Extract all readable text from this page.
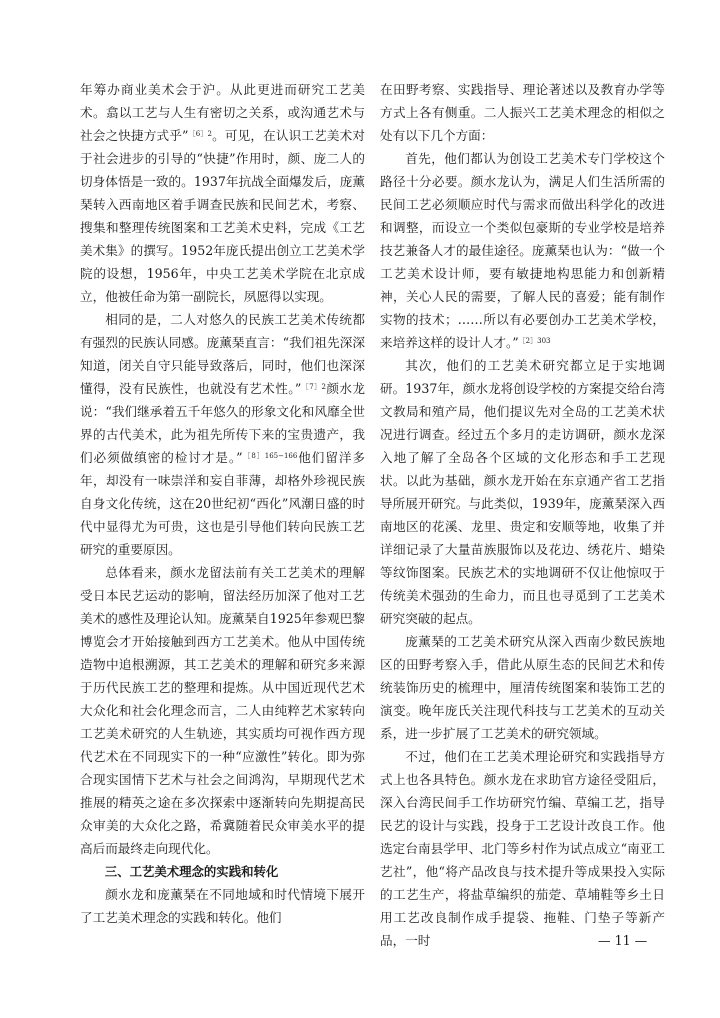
年筹办商业美术会于沪。从此更进而研究工艺美术。翕以工艺与人生有密切之关系，或沟通艺术与社会之快捷方式乎”$^{[6]2}$。可见，在认识工艺美术对于社会进步的引导的“快捷”作用时，颜、庞二人的切身体悟是一致的。1937年抗战全面爆发后，庞薰琹转入西南地区着手调查民族和民间艺术，考察、搜集和整理传统图案和工艺美术史料，完成《工艺美术集》的撰写。1952年庞氏提出创立工艺美术学院的设想，1956年，中央工艺美术学院在北京成立，他被任命为第一副院长，夙愿得以实现。

相同的是，二人对悠久的民族工艺美术传统都有强烈的民族认同感。庞薰琹直言：“我们祖先深深知道，闭关自守只能导致落后，同时，他们也深深懂得，没有民族性，也就没有艺术性。”$^{[7]2}$颜水龙说：“我们继承着五千年悠久的形象文化和风靡全世界的古代美术，此为祖先所传下来的宝贵遗产，我们必须做缜密的检讨才是。”$^{[8]165-166}$他们留洋多年，却没有一味崇洋和妄自菲薄，却格外珍视民族自身文化传统，这在20世纪初“西化”风潮日盛的时代中显得尤为可贵，这也是引导他们转向民族工艺研究的重要原因。

总体看来，颜水龙留法前有关工艺美术的理解受日本民艺运动的影响，留法经历加深了他对工艺美术的感性及理论认知。庞薰琹自1925年参观巴黎博览会才开始接触到西方工艺美术。他从中国传统造物中追根溯源，其工艺美术的理解和研究多来源于历代民族工艺的整理和提炼。从中国近现代艺术大众化和社会化理念而言，二人由纯粹艺术家转向工艺美术研究的人生轨迹，其实质均可视作西方现代艺术在不同现实下的一种“应激性”转化。即为弥合现实国情下艺术与社会之间鸿沟，早期现代艺术推展的精英之途在多次探索中逐渐转向先期提高民众审美的大众化之路，希冀随着民众审美水平的提高后而最终走向现代化。

三、工艺美术理念的实践和转化

颜水龙和庞薰琹在不同地域和时代情境下展开了工艺美术理念的实践和转化。他们

在田野考察、实践指导、理论著述以及教育办学等方式上各有侧重。二人振兴工艺美术理念的相似之处有以下几个方面：

首先，他们都认为创设工艺美术专门学校这个路径十分必要。颜水龙认为，满足人们生活所需的民间工艺必须顺应时代与需求而做出科学化的改进和调整，而设立一个类似包豪斯的专业学校是培养技艺兼备人才的最佳途径。庞薰琹也认为：“做一个工艺美术设计师，要有敏捷地构思能力和创新精神，关心人民的需要，了解人民的喜爱；能有制作实物的技术；……所以有必要创办工艺美术学校，来培养这样的设计人才。”$^{[2]303}$

其次，他们的工艺美术研究都立足于实地调研。1937年，颜水龙将创设学校的方案提交给台湾文教局和殖产局，他们提议先对全岛的工艺美术状况进行调查。经过五个多月的走访调研，颜水龙深入地了解了全岛各个区域的文化形态和手工艺现状。以此为基础，颜水龙开始在东京通产省工艺指导所展开研究。与此类似，1939年，庞薰琹深入西南地区的花溪、龙里、贵定和安顺等地，收集了并详细记录了大量苗族服饰以及花边、绣花片、蜡染等纹饰图案。民族艺术的实地调研不仅让他惊叹于传统美术强劲的生命力，而且也寻觅到了工艺美术研究突破的起点。

庞薰琹的工艺美术研究从深入西南少数民族地区的田野考察入手，借此从原生态的民间艺术和传统装饰历史的梳理中，厘清传统图案和装饰工艺的演变。晚年庞氏关注现代科技与工艺美术的互动关系，进一步扩展了工艺美术的研究领域。

不过，他们在工艺美术理论研究和实践指导方式上也各具特色。颜水龙在求助官方途径受阻后，深入台湾民间手工作坊研究竹编、草编工艺，指导民艺的设计与实践，投身于工艺设计改良工作。他选定台南县学甲、北门等乡村作为试点成立“南亚工艺社”，他“将产品改良与技术提升等成果投入实际的工艺生产，将盐草编织的茄萣、草埔鞋等乡土日用工艺改良制作成手提袋、拖鞋、门垫子等新产品，一时	— 11 —
